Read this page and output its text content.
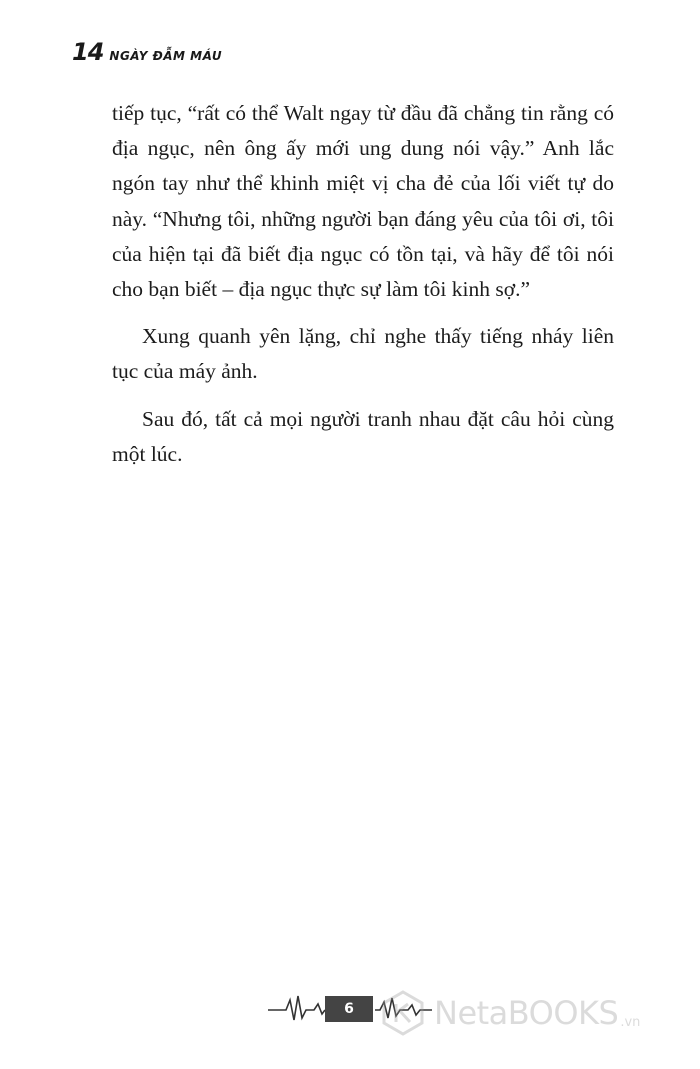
14 NGÀY ĐẪM MÁU

tiếp tục, “rất có thể Walt ngay từ đầu đã chẳng tin rằng có địa ngục, nên ông ấy mới ung dung nói vậy.” Anh lắc ngón tay như thể khinh miệt vị cha đẻ của lối viết tự do này. “Nhưng tôi, những người bạn đáng yêu của tôi ơi, tôi của hiện tại đã biết địa ngục có tồn tại, và hãy để tôi nói cho bạn biết – địa ngục thực sự làm tôi kinh sợ.”

Xung quanh yên lặng, chỉ nghe thấy tiếng nháy liên tục của máy ảnh.

Sau đó, tất cả mọi người tranh nhau đặt câu hỏi cùng một lúc.

6	NetaBOOKS .vn
